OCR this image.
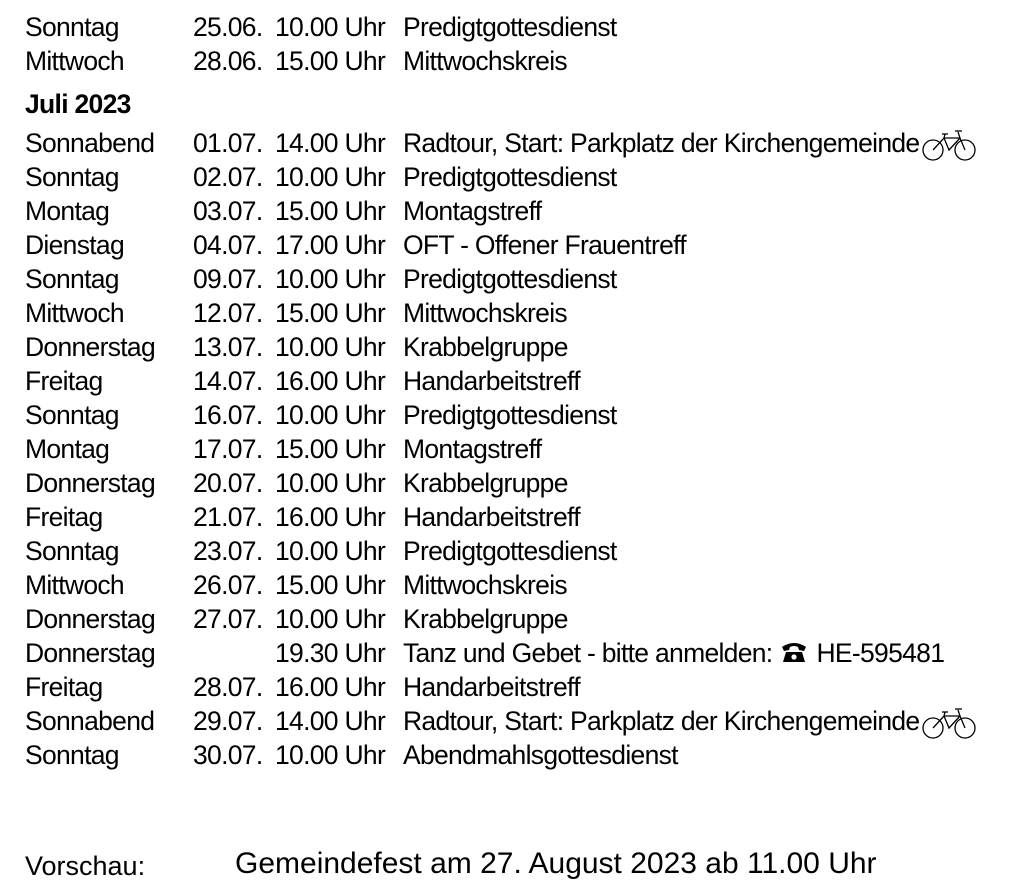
Sonntag	25.06. 10.00 Uhr Predigtgottesdienst
Mittwoch	28.06. 15.00 Uhr Mittwochskreis
Juli 2023
Sonnabend 01.07. 14.00 Uhr Radtour, Start: Parkplatz der Kirchengemeinde
Sonntag	02.07. 10.00 Uhr Predigtgottesdienst
Montag	03.07. 15.00 Uhr Montagstreff
Dienstag	04.07. 17.00 Uhr OFT - Offener Frauentreff
Sonntag	09.07. 10.00 Uhr Predigtgottesdienst
Mittwoch	12.07. 15.00 Uhr Mittwochskreis
Donnerstag 13.07. 10.00 Uhr Krabbelgruppe
Freitag	14.07. 16.00 Uhr Handarbeitstreff
Sonntag	16.07. 10.00 Uhr Predigtgottesdienst
Montag	17.07. 15.00 Uhr Montagstreff
Donnerstag 20.07. 10.00 Uhr Krabbelgruppe
Freitag	21.07. 16.00 Uhr Handarbeitstreff
Sonntag	23.07. 10.00 Uhr Predigtgottesdienst
Mittwoch	26.07. 15.00 Uhr Mittwochskreis
Donnerstag 27.07. 10.00 Uhr Krabbelgruppe
Donnerstag	19.30 Uhr Tanz und Gebet - bitte anmelden: HE-595481
Freitag	28.07. 16.00 Uhr Handarbeitstreff
Sonnabend 29.07. 14.00 Uhr Radtour, Start: Parkplatz der Kirchengemeinde
Sonntag	30.07. 10.00 Uhr Abendmahlsgottesdienst
Vorschau:	Gemeindefest am 27. August 2023 ab 11.00 Uhr
